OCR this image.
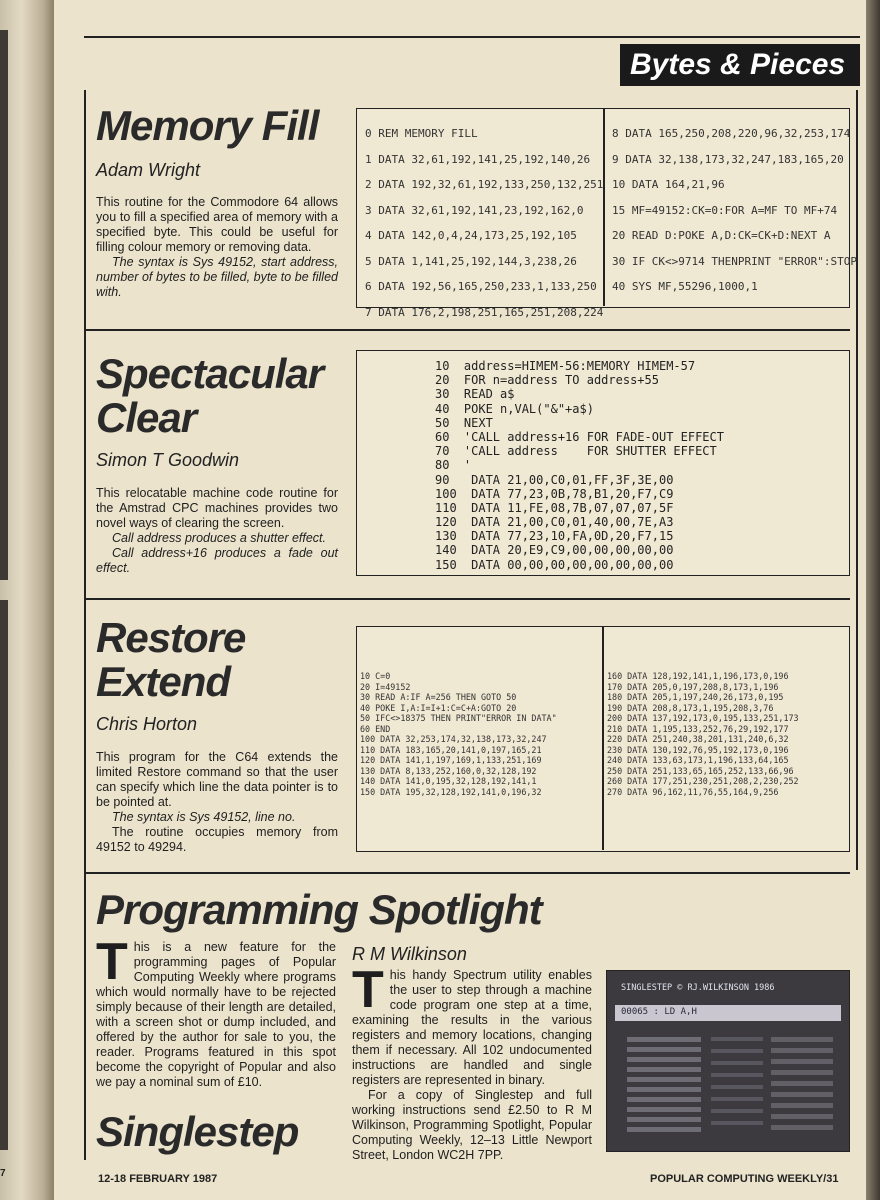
7
Bytes & Pieces
Memory Fill
Adam Wright

This routine for the Commodore 64 allows you to fill a specified area of memory with a specified byte. This could be useful for filling colour memory or removing data.

The syntax is Sys 49152, start address, number of bytes to be filled, byte to be filled with.

0 REM MEMORY FILL
1 DATA 32,61,192,141,25,192,140,26
2 DATA 192,32,61,192,133,250,132,251
3 DATA 32,61,192,141,23,192,162,0
4 DATA 142,0,4,24,173,25,192,105
5 DATA 1,141,25,192,144,3,238,26
6 DATA 192,56,165,250,233,1,133,250
7 DATA 176,2,198,251,165,251,208,224
8 DATA 165,250,208,220,96,32,253,174
9 DATA 32,138,173,32,247,183,165,20
10 DATA 164,21,96
15 MF=49152:CK=0:FOR A=MF TO MF+74
20 READ D:POKE A,D:CK=CK+D:NEXT A
30 IF CK<>9714 THENPRINT "ERROR":STOP
40 SYS MF,55296,1000,1
Spectacular
Clear
Simon T Goodwin

This relocatable machine code routine for the Amstrad CPC machines provides two novel ways of clearing the screen.

Call address produces a shutter effect.

Call address+16 produces a fade out effect.

10  address=HIMEM-56:MEMORY HIMEM-57
20  FOR n=address TO address+55
30  READ a$
40  POKE n,VAL("&"+a$)
50  NEXT
60  'CALL address+16 FOR FADE-OUT EFFECT
70  'CALL address    FOR SHUTTER EFFECT
80  '
90   DATA 21,00,C0,01,FF,3F,3E,00
100  DATA 77,23,0B,78,B1,20,F7,C9
110  DATA 11,FE,08,7B,07,07,07,5F
120  DATA 21,00,C0,01,40,00,7E,A3
130  DATA 77,23,10,FA,0D,20,F7,15
140  DATA 20,E9,C9,00,00,00,00,00
150  DATA 00,00,00,00,00,00,00,00
Restore
Extend
Chris Horton

This program for the C64 extends the limited Restore command so that the user can specify which line the data pointer is to be pointed at.

The syntax is Sys 49152, line no.

The routine occupies memory from 49152 to 49294.

10 C=0
20 I=49152
30 READ A:IF A=256 THEN GOTO 50
40 POKE I,A:I=I+1:C=C+A:GOTO 20
50 IFC<>18375 THEN PRINT"ERROR IN DATA"
60 END
100 DATA 32,253,174,32,138,173,32,247
110 DATA 183,165,20,141,0,197,165,21
120 DATA 141,1,197,169,1,133,251,169
130 DATA 8,133,252,160,0,32,128,192
140 DATA 141,0,195,32,128,192,141,1
150 DATA 195,32,128,192,141,0,196,32
160 DATA 128,192,141,1,196,173,0,196
170 DATA 205,0,197,208,8,173,1,196
180 DATA 205,1,197,240,26,173,0,195
190 DATA 208,8,173,1,195,208,3,76
200 DATA 137,192,173,0,195,133,251,173
210 DATA 1,195,133,252,76,29,192,177
220 DATA 251,240,38,201,131,240,6,32
230 DATA 130,192,76,95,192,173,0,196
240 DATA 133,63,173,1,196,133,64,165
250 DATA 251,133,65,165,252,133,66,96
260 DATA 177,251,230,251,208,2,230,252
270 DATA 96,162,11,76,55,164,9,256
Programming Spotlight
This is a new feature for the programming pages of Popular Computing Weekly where programs which would normally have to be rejected simply because of their length are detailed, with a screen shot or dump included, and offered by the author for sale to you, the reader. Programs featured in this spot become the copyright of Popular and also we pay a nominal sum of £10.
Singlestep
R M Wilkinson

This handy Spectrum utility enables the user to step through a machine code program one step at a time, examining the results in the various registers and memory locations, changing them if necessary. All 102 undocumented instructions are handled and single registers are represented in binary.

For a copy of Singlestep and full working instructions send £2.50 to R M Wilkinson, Programming Spotlight, Popular Computing Weekly, 12–13 Little Newport Street, London WC2H 7PP.

SINGLESTEP © RJ.WILKINSON 1986
00065 : LD A,H
12-18 FEBRUARY 1987	POPULAR COMPUTING WEEKLY/31
